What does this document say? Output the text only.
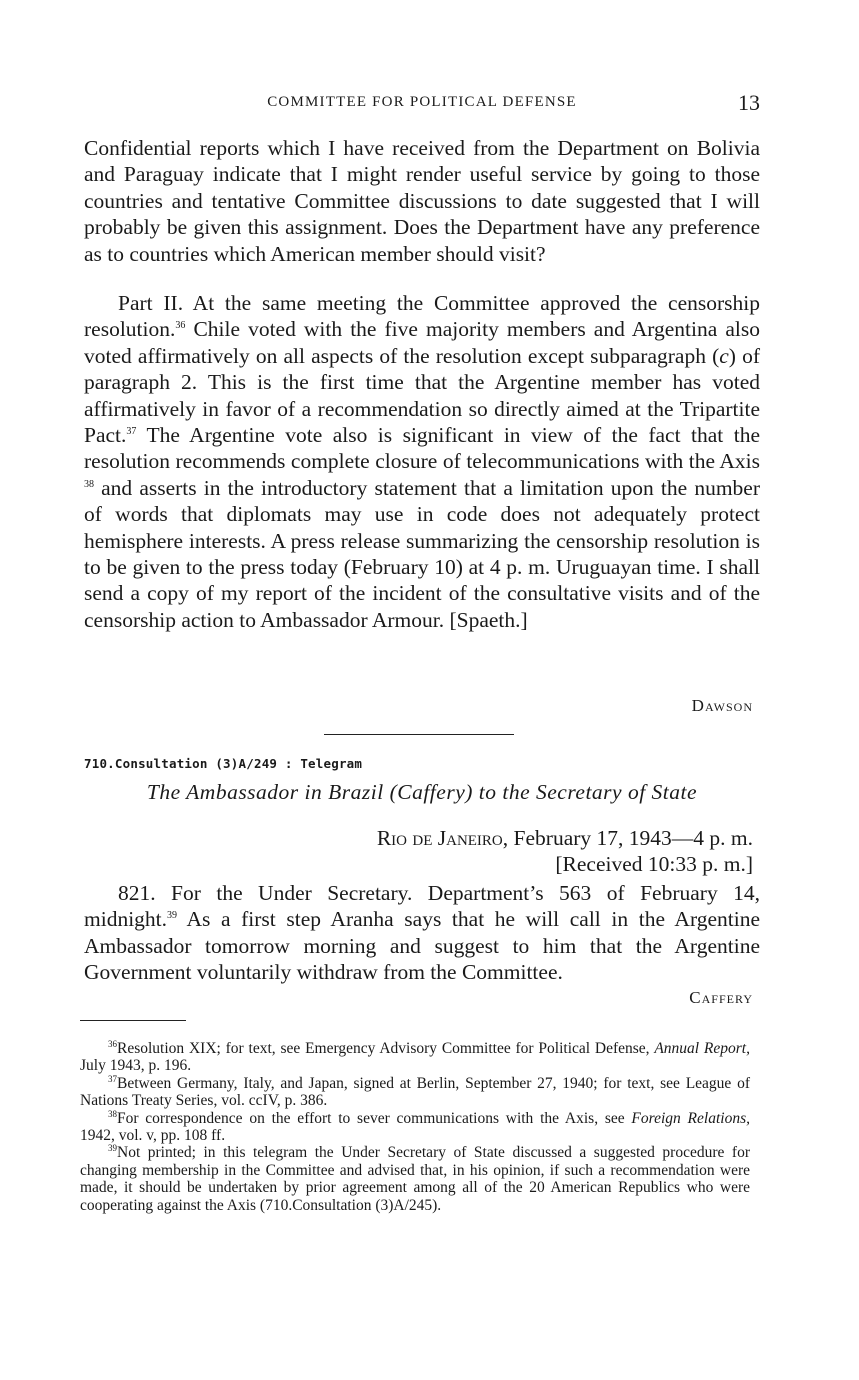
COMMITTEE FOR POLITICAL DEFENSE	13

Confidential reports which I have received from the Department on Bolivia and Paraguay indicate that I might render useful service by going to those countries and tentative Committee discussions to date suggested that I will probably be given this assignment. Does the Department have any preference as to countries which American member should visit?

Part II. At the same meeting the Committee approved the censorship resolution.$^{36}$ Chile voted with the five majority members and Argentina also voted affirmatively on all aspects of the resolution except subparagraph (c) of paragraph 2. This is the first time that the Argentine member has voted affirmatively in favor of a recommendation so directly aimed at the Tripartite Pact.$^{37}$ The Argentine vote also is significant in view of the fact that the resolution recommends complete closure of telecommunications with the Axis $^{38}$ and asserts in the introductory statement that a limitation upon the number of words that diplomats may use in code does not adequately protect hemisphere interests. A press release summarizing the censorship resolution is to be given to the press today (February 10) at 4 p. m. Uruguayan time. I shall send a copy of my report of the incident of the consultative visits and of the censorship action to Ambassador Armour. [Spaeth.]

Dawson
710.Consultation (3)A/249 : Telegram
The Ambassador in Brazil (Caffery) to the Secretary of State
Rio de Janeiro, February 17, 1943—4 p. m.
[Received 10:33 p. m.]

821. For the Under Secretary. Department’s 563 of February 14, midnight.$^{39}$ As a first step Aranha says that he will call in the Argentine Ambassador tomorrow morning and suggest to him that the Argentine Government voluntarily withdraw from the Committee.

Caffery

$^{36}$Resolution XIX; for text, see Emergency Advisory Committee for Political Defense, Annual Report, July 1943, p. 196.

$^{37}$Between Germany, Italy, and Japan, signed at Berlin, September 27, 1940; for text, see League of Nations Treaty Series, vol. ccIV, p. 386.

$^{38}$For correspondence on the effort to sever communications with the Axis, see Foreign Relations, 1942, vol. v, pp. 108 ff.

$^{39}$Not printed; in this telegram the Under Secretary of State discussed a suggested procedure for changing membership in the Committee and advised that, in his opinion, if such a recommendation were made, it should be undertaken by prior agreement among all of the 20 American Republics who were cooperating against the Axis (710.Consultation (3)A/245).
